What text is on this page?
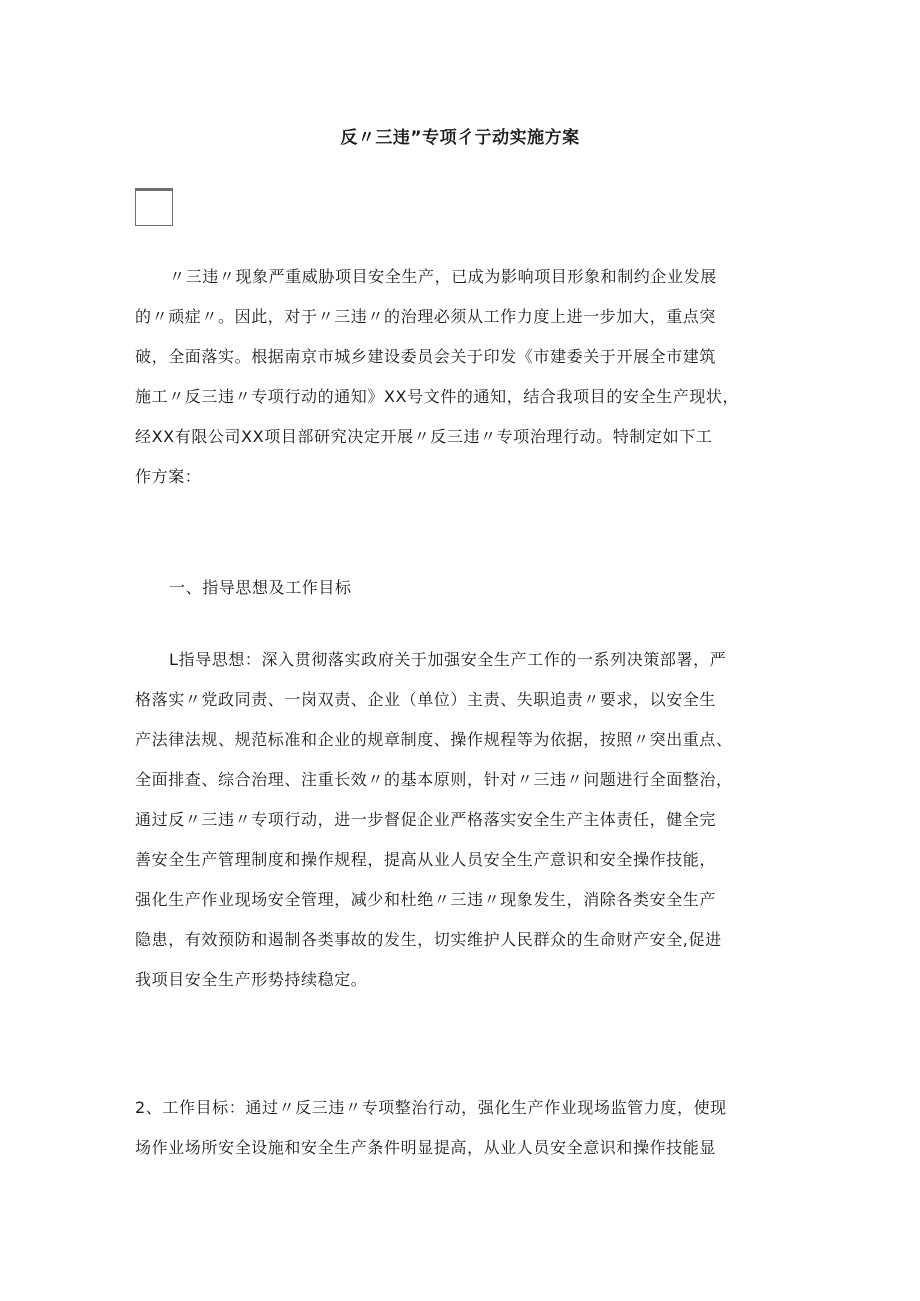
反〃三违”专项彳亍动实施方案
〃三违〃现象严重威胁项目安全生产，已成为影响项目形象和制约企业发展
的〃顽症〃。因此，对于〃三违〃的治理必须从工作力度上进一步加大，重点突
破，全面落实。根据南京市城乡建设委员会关于印发《市建委关于开展全市建筑
施工〃反三违〃专项行动的通知》XX号文件的通知，结合我项目的安全生产现状，
经XX有限公司XX项目部研究决定开展〃反三违〃专项治理行动。特制定如下工
作方案：
一、指导思想及工作目标
L指导思想：深入贯彻落实政府关于加强安全生产工作的一系列决策部署，严
格落实〃党政同责、一岗双责、企业（单位）主责、失职追责〃要求，以安全生
产法律法规、规范标准和企业的规章制度、操作规程等为依据，按照〃突出重点、
全面排查、综合治理、注重长效〃的基本原则，针对〃三违〃问题进行全面整治，
通过反〃三违〃专项行动，进一步督促企业严格落实安全生产主体责任，健全完
善安全生产管理制度和操作规程，提高从业人员安全生产意识和安全操作技能，
强化生产作业现场安全管理，减少和杜绝〃三违〃现象发生，消除各类安全生产
隐患，有效预防和遏制各类事故的发生，切实维护人民群众的生命财产安全,促进
我项目安全生产形势持续稳定。
2、工作目标：通过〃反三违〃专项整治行动，强化生产作业现场监管力度，使现
场作业场所安全设施和安全生产条件明显提高，从业人员安全意识和操作技能显
